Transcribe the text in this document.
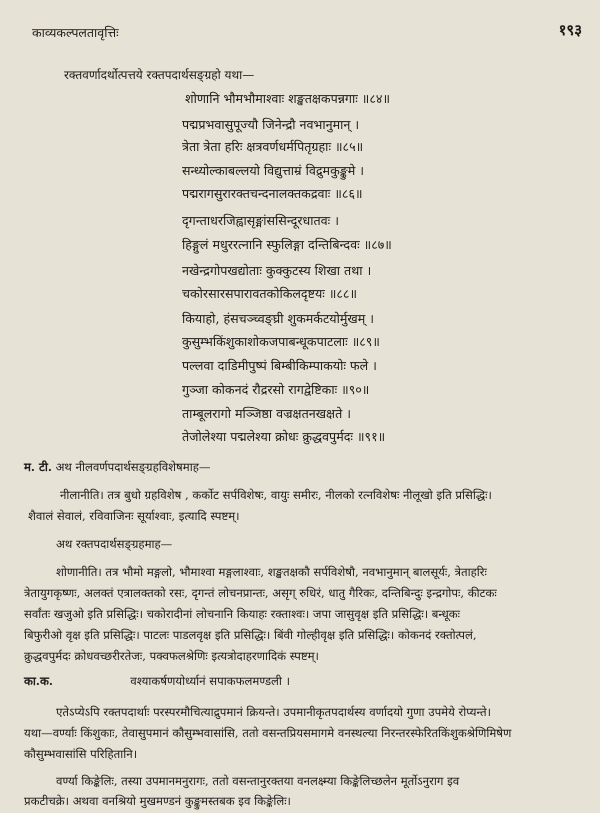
काव्यकल्पलतावृत्तिः	१९३
रक्तवर्णादर्थोत्पत्तये रक्तपदार्थसङ्ग्रहो यथा—
शोणानि भौमभौमाश्वाः शङ्खतक्षकपन्नगाः ॥८४॥
पद्मप्रभवासुपूज्यौ जिनेन्द्रौ नवभानुमान् ।
त्रेता त्रेता हरिः क्षत्रवर्णधर्मपितृग्रहाः ॥८५॥
सन्ध्योल्काबल्लयो विद्युत्ताम्रं विद्रुमकुङ्कुमे ।
पद्मरागसुरारक्तचन्दनालक्तकद्रवाः ॥८६॥
दृगन्ताधरजिह्वासृङ्मांससिन्दूरधातवः ।
हिङ्गुलं मधुररत्नानि स्फुलिङ्गा दन्तिबिन्दवः ॥८७॥
नखेन्द्रगोपखद्योताः कुक्कुटस्य शिखा तथा ।
चकोरसारसपारावतकोकिलदृष्टयः ॥८८॥
कियाहो, हंसचञ्च्वङ्घ्री शुकमर्कटयोर्मुखम् ।
कुसुम्भकिंशुकाशोकजपाबन्धूकपाटलाः ॥८९॥
पल्लवा दाडिमीपुष्पं बिम्बीकिम्पाकयोः फले ।
गुञ्जा कोकनदं रौद्ररसो रागद्वेष्टिकाः ॥९०॥
ताम्बूलरागो मञ्जिष्ठा वज्रक्षतनखक्षते ।
तेजोलेश्या पद्मलेश्या क्रोधः क्रुद्धवपुर्मदः ॥९१॥
म. टी. अथ नीलवर्णपदार्थसङ्ग्रहविशेषमाह—
नीलानीति। तत्र बुधो ग्रहविशेष , कर्कोट सर्पविशेषः, वायुः समीरः, नीलको रत्नविशेषः नीलूखो इति प्रसिद्धिः।
शैवालं सेवालं, रविवाजिनः सूर्याश्वाः, इत्यादि स्पष्टम्।
अथ रक्तपदार्थसङ्ग्रहमाह—
शोणानीति। तत्र भौमो मङ्गलो, भौमाश्वा मङ्गलाश्वाः, शङ्खतक्षकौ सर्पविशेषौ, नवभानुमान् बालसूर्यः, त्रेताहरिः
त्रेतायुगकृष्णः, अलक्तं एत्रालक्तको रसः, दृगन्तं लोचनप्रान्तः, असृग् रुधिरं, धातु गैरिकः, दन्तिबिन्दुः इन्द्रगोपः, कीटकः
सर्वांतः खजुओ इति प्रसिद्धिः। चकोरादीनां लोचनानि कियाहः रक्ताश्वः। जपा जासुवृक्ष इति प्रसिद्धिः। बन्धूकः
बिफुरीओ वृक्ष इति प्रसिद्धिः। पाटलः पाडलवृक्ष इति प्रसिद्धिः। बिंवी गोल्हीवृक्ष इति प्रसिद्धिः। कोकनदं रक्तोत्पलं,
क्रुद्धवपुर्मदः क्रोधवच्छरीरतेजः, पक्वफलश्रेणिः इत्यत्रोदाहरणादिकं स्पष्टम्।
का.क.	वश्याकर्षणयोर्ध्यानं सपाकफलमण्डली ।
एतेऽप्येऽपि रक्तपदार्थाः परस्परमौचित्याद्रुपमानं क्रियन्ते। उपमानीकृतपदार्थस्य वर्णादयो गुणा उपमेये रोप्यन्ते।
यथा—वर्ण्याः किंशुकाः, तेवासुपमानं कौसुम्भवासांसि, ततो वसन्तप्रियसमागमे वनस्थल्या निरन्तरस्फेरितकिंशुकश्रेणिमिषेण
कौसुम्भवासांसि परिहितानि।
वर्ण्या किङ्केलिः, तस्या उपमानमनुरागः, ततो वसन्तानुरक्तया वनलक्ष्म्या किङ्केलिच्छलेन मूर्तोऽनुराग इव
प्रकटीचक्रे। अथवा वनश्रियो मुखमण्डनं कुङ्कुमस्तबक इव किङ्केलिः।
